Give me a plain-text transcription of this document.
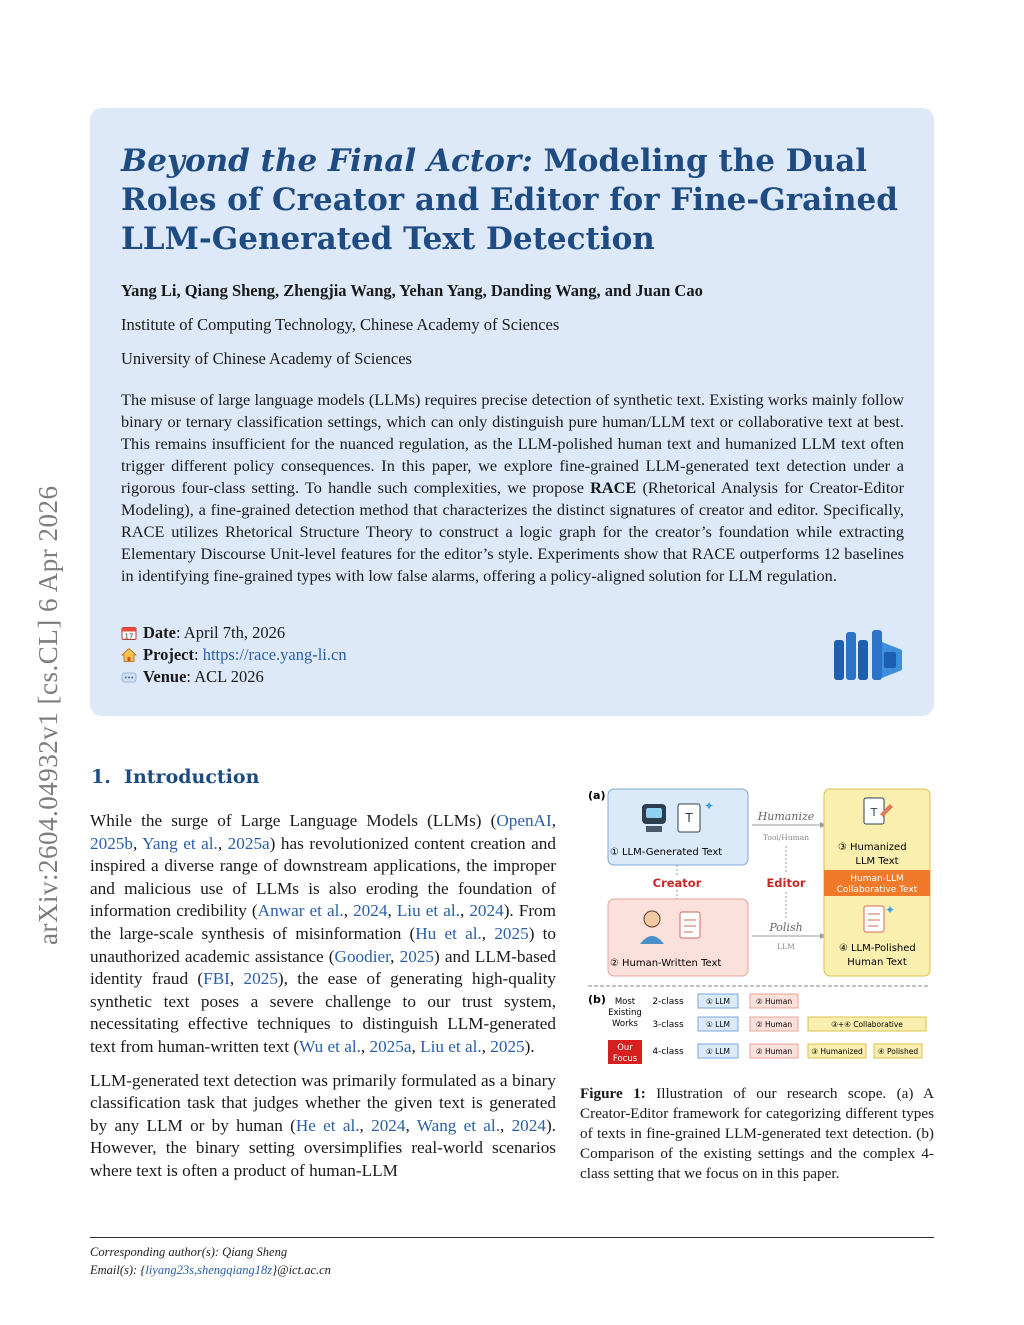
arXiv:2604.04932v1 [cs.CL] 6 Apr 2026
Beyond the Final Actor: Modeling the Dual
Roles of Creator and Editor for Fine-Grained
LLM-Generated Text Detection
Yang Li, Qiang Sheng, Zhengjia Wang, Yehan Yang, Danding Wang, and Juan Cao
Institute of Computing Technology, Chinese Academy of Sciences
University of Chinese Academy of Sciences
The misuse of large language models (LLMs) requires precise detection of synthetic text. Existing works mainly follow binary or ternary classification settings, which can only distinguish pure human/LLM text or collaborative text at best. This remains insufficient for the nuanced regulation, as the LLM-polished human text and humanized LLM text often trigger different policy consequences. In this paper, we explore fine-grained LLM-generated text detection under a rigorous four-class setting. To handle such complexities, we propose RACE (Rhetorical Analysis for Creator-Editor Modeling), a fine-grained detection method that characterizes the distinct signatures of creator and editor. Specifically, RACE utilizes Rhetorical Structure Theory to construct a logic graph for the creator’s foundation while extracting Elementary Discourse Unit-level features for the editor’s style. Experiments show that RACE outperforms 12 baselines in identifying fine-grained types with low false alarms, offering a policy-aligned solution for LLM regulation.
17 Date: April 7th, 2026
Project: https://race.yang-li.cn
Venue: ACL 2026
1. Introduction

While the surge of Large Language Models (LLMs) (OpenAI, 2025b, Yang et al., 2025a) has revolutionized content creation and inspired a diverse range of downstream applications, the improper and malicious use of LLMs is also eroding the foundation of information credibility (Anwar et al., 2024, Liu et al., 2024). From the large-scale synthesis of misinformation (Hu et al., 2025) to unauthorized academic assistance (Goodier, 2025) and LLM-based identity fraud (FBI, 2025), the ease of generating high-quality synthetic text poses a severe challenge to our trust system, necessitating effective techniques to distinguish LLM-generated text from human-written text (Wu et al., 2025a, Liu et al., 2025).

LLM-generated text detection was primarily formulated as a binary classification task that judges whether the given text is generated by any LLM or by human (He et al., 2024, Wang et al., 2024). However, the binary setting oversimplifies real-world scenarios where text is often a product of human-LLM

(a)
T
✦
① LLM-Generated Text
② Human-Written Text
Creator
Humanize
Tool/Human
Editor
Polish
LLM
T
③ Humanized
LLM Text
Human-LLM
Collaborative Text
✦
④ LLM-Polished
Human Text
(b) Most
Existing
Works
Our
Focus
2-class	① LLM	② Human
3-class	① LLM	② Human	③+④ Collaborative
4-class	① LLM	② Human	③ Humanized ④ Polished
Figure 1: Illustration of our research scope. (a) A Creator-Editor framework for categorizing different types of texts in fine-grained LLM-generated text detection. (b) Comparison of the existing settings and the complex 4-class setting that we focus on in this paper.
Corresponding author(s): Qiang Sheng
Email(s): {liyang23s,shengqiang18z}@ict.ac.cn
